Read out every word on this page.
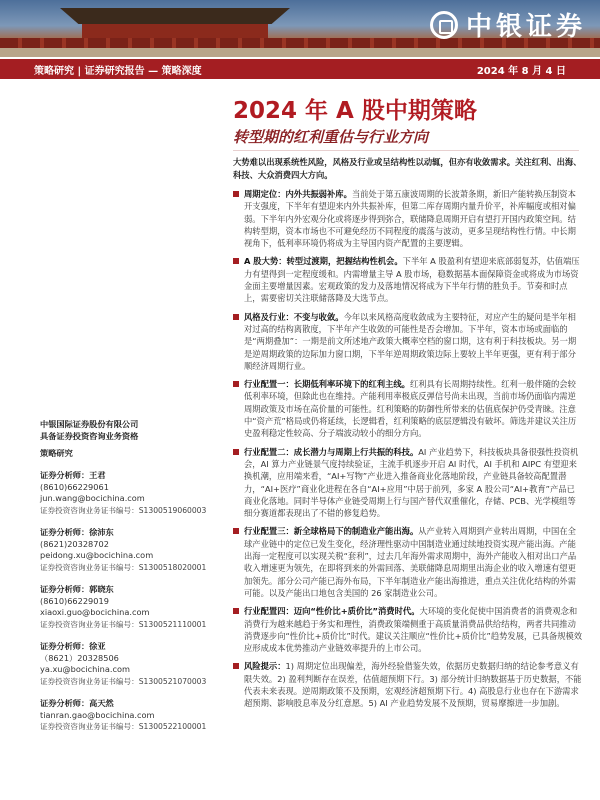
中银证券
策略研究 | 证券研究报告 — 策略深度	2024 年 8 月 4 日
2024 年 A 股中期策略
转型期的红利重估与行业方向
大势难以出现系统性风险，风格及行业或呈结构性以动辄，但亦有收敛需求。关注红利、出海、科技、大众消费四大方向。
周期定位：内外共振弱补库。当前处于第五康波周期的长波萧条期，新旧产能转换压制资本开支强度，下半年有望迎来内外共振补库，但第二库存周期内量升价平，补库幅度或相对偏弱。下半年内外宏观分化或将逐步得到弥合，联储降息周期开启有望打开国内政策空间。结构转型期，资本市场也不可避免经历不同程度的震荡与波动，更多呈现结构性行情。中长期视角下，低利率环境仍将成为主导国内资产配置的主要逻辑。
A 股大势：转型过渡期，把握结构性机会。下半年 A 股盈利有望迎来底部弱复苏，估值端压力有望得到一定程度缓和。内需增量主导 A 股市场，稳数据基本面保障资金或将成为市场资金面主要增量因素。宏观政策的发力及落地情况将成为下半年行情的胜负手。节奏和时点上，需要密切关注联储落降及大选节点。
风格及行业：不变与收敛。今年以来风格高度收敛成为主要特征，对应产生的疑问是半年相对过高的结构离散度，下半年产生收敛的可能性是否会增加。下半年，资本市场或面临的是“两期叠加”：一期是前文所述地产政策大概率空档的窗口期，这有利于科技板块。另一期是逆周期政策的边际加力窗口期，下半年逆周期政策边际上要较上半年更强，更有利于部分顺经济周期行业。
行业配置一：长期低利率环境下的红利主线。红利具有长周期持续性。红利一般伴随的会较低利率环境，但除此也在维持。产能利用率极底反弹信号尚未出现，当前市场仍面临内需逆周期政策及市场在高价量的可能性。红利策略的防御性所带来的估值底保护仍受青睐。注意中“资产荒”格局或仍将延续，长逻辑看，红利策略的底层逻辑没有破坏。筛选并建议关注历史盈利稳定性较高、分子端波动较小的细分方向。
行业配置二：成长潜力与周期上行共振的科技。AI 产业趋势下，科技板块具备很强性投资机会，AI 算力产业链景气度持续验证，主流手机逐步开启 AI 时代，AI 手机和 AIPC 有望迎来换机潮，应用端来看，“AI+写物”产业进入推备商业化落地阶段，产业链具备较高配置潜力，“AI+医疗”商业化进程在各自“AI+应用”中居于前列，多家 A 股公司“AI+教育”产品已商业化落地。同时半导体产业链受周期上行与国产替代双重催化，存储、PCB、光学模组等细分赛道都表现出了不错的修复趋势。
行业配置三：新全球格局下的制造业产能出海。从产业转入周期到产业转出周期，中国在全球产业链中的定位已发生变化，经济理性驱动中国制造业通过续地投资实现产能出海。产能出海一定程度可以实现关税“套利”，过去几年海外需求周期中，海外产能收入相对出口产品收入增速更为领先，在即将到来的外需回落、美联储降息周期里出海企业的收入增速有望更加领先。部分公司产能已海外布局，下半年制造业产能出海推进，重点关注优化结构的外需可能。以及产能出口地包含美国的 26 家制造业公司。
行业配置四：迈向“性价比+质价比”消费时代。大环境的变化促使中国消费者的消费观念和消费行为越来越趋于务实和理性，消费政策端侧重于高质量消费品供给结构，两者共同推动消费逐步向“性价比+质价比”时代。建议关注顺应“性价比+质价比”趋势发展，已具备规模效应形成成本优势推动产业链效率提升的上市公司。
风险提示：1) 周期定位出现偏差，海外经验借鉴失效，依据历史数据归纳的结论参考意义有限失效。2) 盈利判断存在误差，估值超预期下行。3) 部分统计归纳数据基于历史数据，不能代表未来表现。逆周期政策不及预期，宏观经济超预期下行。4) 高股息行业也存在下游需求超预期、影响股息率及分红意愿。5) AI 产业趋势发展不及预期，贸易摩擦进一步加剧。
中银国际证券股份有限公司
具备证券投资咨询业务资格
策略研究
证券分析师：王君
(8610)66229061
jun.wang@bocichina.com
证券投资咨询业务证书编号：S1300519060003
证券分析师：徐沛东
(8621)20328702
peidong.xu@bocichina.com
证券投资咨询业务证书编号：S1300518020001
证券分析师：郭晓东
(8610)66229019
xiaoxi.guo@bocichina.com
证券投资咨询业务证书编号：S1300521110001
证券分析师：徐亚
（8621）20328506
ya.xu@bocichina.com
证券投资咨询业务证书编号：S1300521070003
证券分析师：高天然
tianran.gao@bocichina.com
证券投资咨询业务证书编号：S1300522100001
